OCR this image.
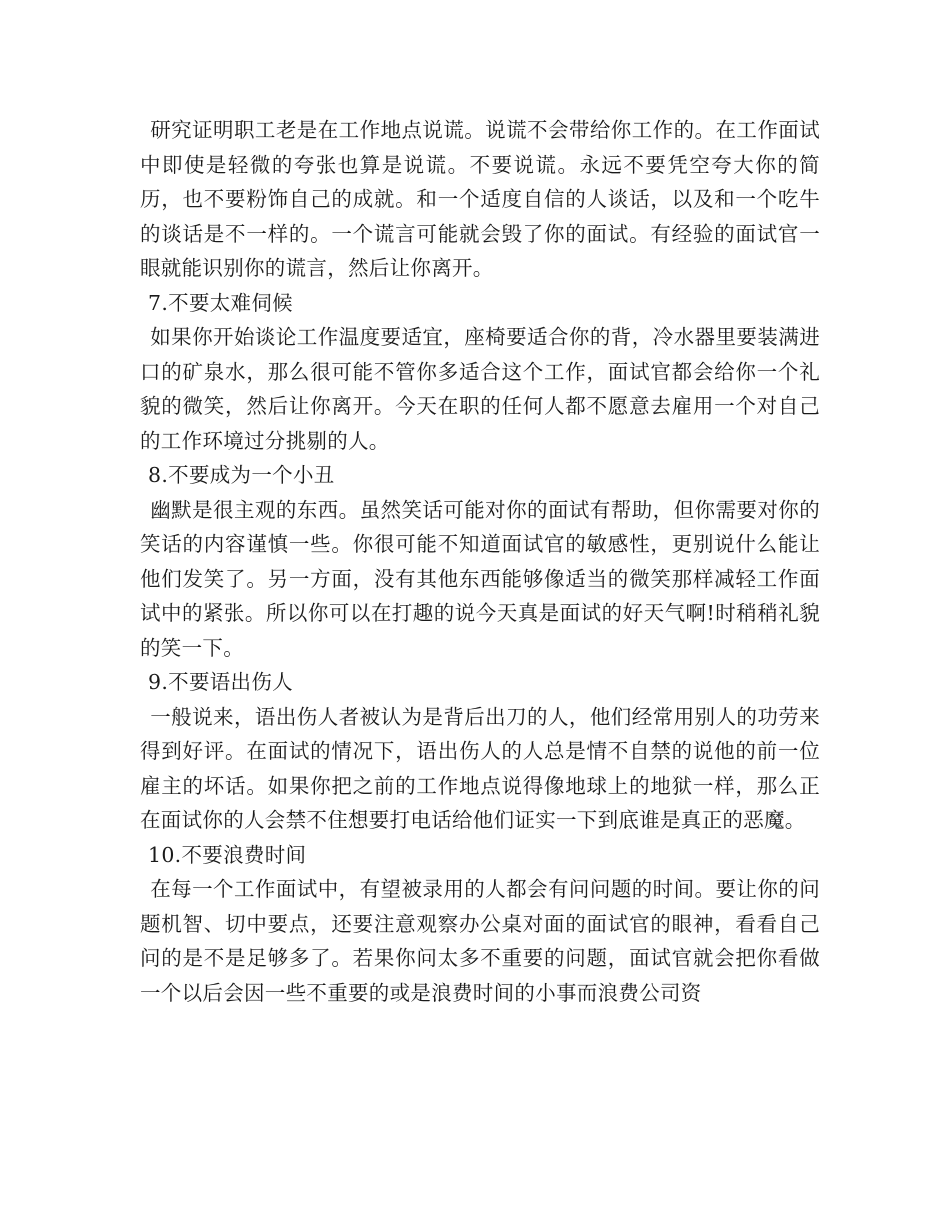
研究证明职工老是在工作地点说谎。说谎不会带给你工作的。在工作面试中即使是轻微的夸张也算是说谎。不要说谎。永远不要凭空夸大你的简历，也不要粉饰自己的成就。和一个适度自信的人谈话，以及和一个吃牛的谈话是不一样的。一个谎言可能就会毁了你的面试。有经验的面试官一眼就能识别你的谎言，然后让你离开。

7.不要太难伺候

如果你开始谈论工作温度要适宜，座椅要适合你的背，冷水器里要装满进口的矿泉水，那么很可能不管你多适合这个工作，面试官都会给你一个礼貌的微笑，然后让你离开。今天在职的任何人都不愿意去雇用一个对自己的工作环境过分挑剔的人。

8.不要成为一个小丑

幽默是很主观的东西。虽然笑话可能对你的面试有帮助，但你需要对你的笑话的内容谨慎一些。你很可能不知道面试官的敏感性，更别说什么能让他们发笑了。另一方面，没有其他东西能够像适当的微笑那样减轻工作面试中的紧张。所以你可以在打趣的说今天真是面试的好天气啊!时稍稍礼貌的笑一下。

9.不要语出伤人

一般说来，语出伤人者被认为是背后出刀的人，他们经常用别人的功劳来得到好评。在面试的情况下，语出伤人的人总是情不自禁的说他的前一位雇主的坏话。如果你把之前的工作地点说得像地球上的地狱一样，那么正在面试你的人会禁不住想要打电话给他们证实一下到底谁是真正的恶魔。

10.不要浪费时间

在每一个工作面试中，有望被录用的人都会有问问题的时间。要让你的问题机智、切中要点，还要注意观察办公桌对面的面试官的眼神，看看自己问的是不是足够多了。若果你问太多不重要的问题，面试官就会把你看做一个以后会因一些不重要的或是浪费时间的小事而浪费公司资
